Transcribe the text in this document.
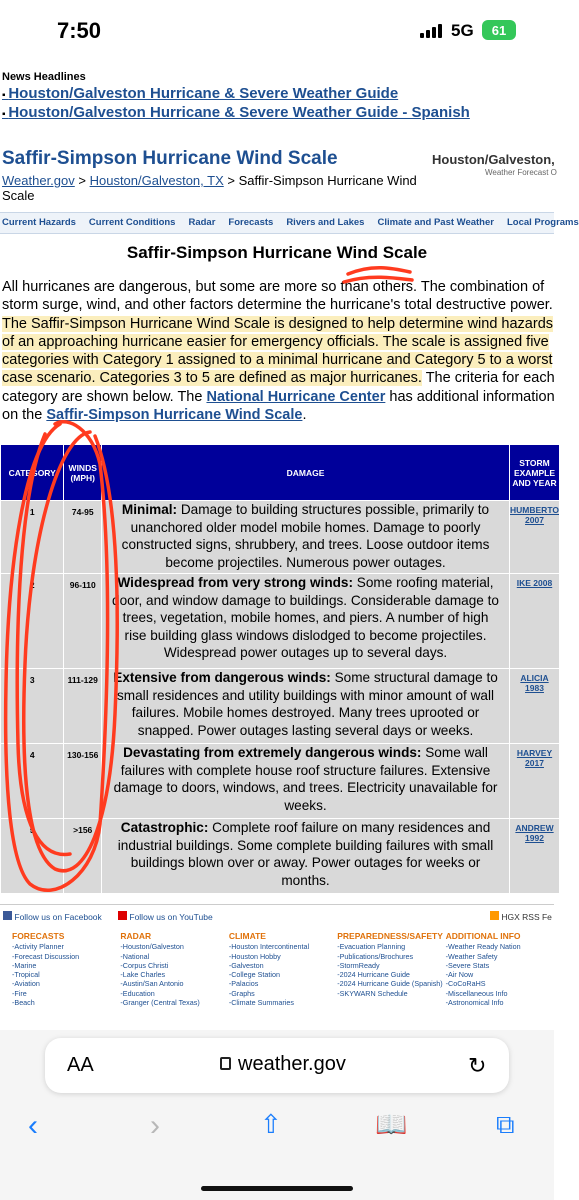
7:50	5G 61
News Headlines
▪ Houston/Galveston Hurricane & Severe Weather Guide
▪ Houston/Galveston Hurricane & Severe Weather Guide - Spanish
Saffir-Simpson Hurricane Wind Scale
Weather.gov > Houston/Galveston, TX > Saffir-Simpson Hurricane Wind Scale
Houston/Galveston,
Weather Forecast O
Current Hazards Current Conditions Radar Forecasts Rivers and Lakes Climate and Past Weather Local Programs
Saffir-Simpson Hurricane Wind Scale

All hurricanes are dangerous, but some are more so than others. The combination of storm surge, wind, and other factors determine the hurricane's total destructive power. The Saffir-Simpson Hurricane Wind Scale is designed to help determine wind hazards of an approaching hurricane easier for emergency officials. The scale is assigned five categories with Category 1 assigned to a minimal hurricane and Category 5 to a worst case scenario. Categories 3 to 5 are defined as major hurricanes. The criteria for each category are shown below. The National Hurricane Center has additional information on the Saffir-Simpson Hurricane Wind Scale.

CATEGORY	WINDS (MPH)	DAMAGE	STORM EXAMPLE AND YEAR
1	74-95	Minimal: Damage to building structures possible, primarily to unanchored older model mobile homes. Damage to poorly constructed signs, shrubbery, and trees. Loose outdoor items become projectiles. Numerous power outages.	HUMBERTO 2007
2	96-110	Widespread from very strong winds: Some roofing material, door, and window damage to buildings. Considerable damage to trees, vegetation, mobile homes, and piers. A number of high rise building glass windows dislodged to become projectiles. Widespread power outages up to several days.	IKE 2008
3	111-129	Extensive from dangerous winds: Some structural damage to small residences and utility buildings with minor amount of wall failures. Mobile homes destroyed. Many trees uprooted or snapped. Power outages lasting several days or weeks.	ALICIA 1983
4	130-156	Devastating from extremely dangerous winds: Some wall failures with complete house roof structure failures. Extensive damage to doors, windows, and trees. Electricity unavailable for weeks.	HARVEY 2017
5	>156	Catastrophic: Complete roof failure on many residences and industrial buildings. Some complete building failures with small buildings blown over or away. Power outages for weeks or months.	ANDREW 1992
Follow us on Facebook	Follow us on YouTube	HGX RSS Fe
FORECASTS
-Activity Planner
-Forecast Discussion
-Marine
-Tropical
-Aviation
-Fire
-Beach
RADAR
-Houston/Galveston
-National
-Corpus Christi
-Lake Charles
-Austin/San Antonio
-Education
-Granger (Central Texas)
CLIMATE
-Houston Intercontinental
-Houston Hobby
-Galveston
-College Station
-Palacios
-Graphs
-Climate Summaries
PREPAREDNESS/SAFETY
-Evacuation Planning
-Publications/Brochures
-StormReady
-2024 Hurricane Guide
-2024 Hurricane Guide (Spanish)
-SKYWARN Schedule
ADDITIONAL INFO
-Weather Ready Nation
-Weather Safety
-Severe Stats
-Air Now
-CoCoRaHS
-Miscellaneous Info
-Astronomical Info
AA	weather.gov	↻
‹	›	⇧	📖	⧉
